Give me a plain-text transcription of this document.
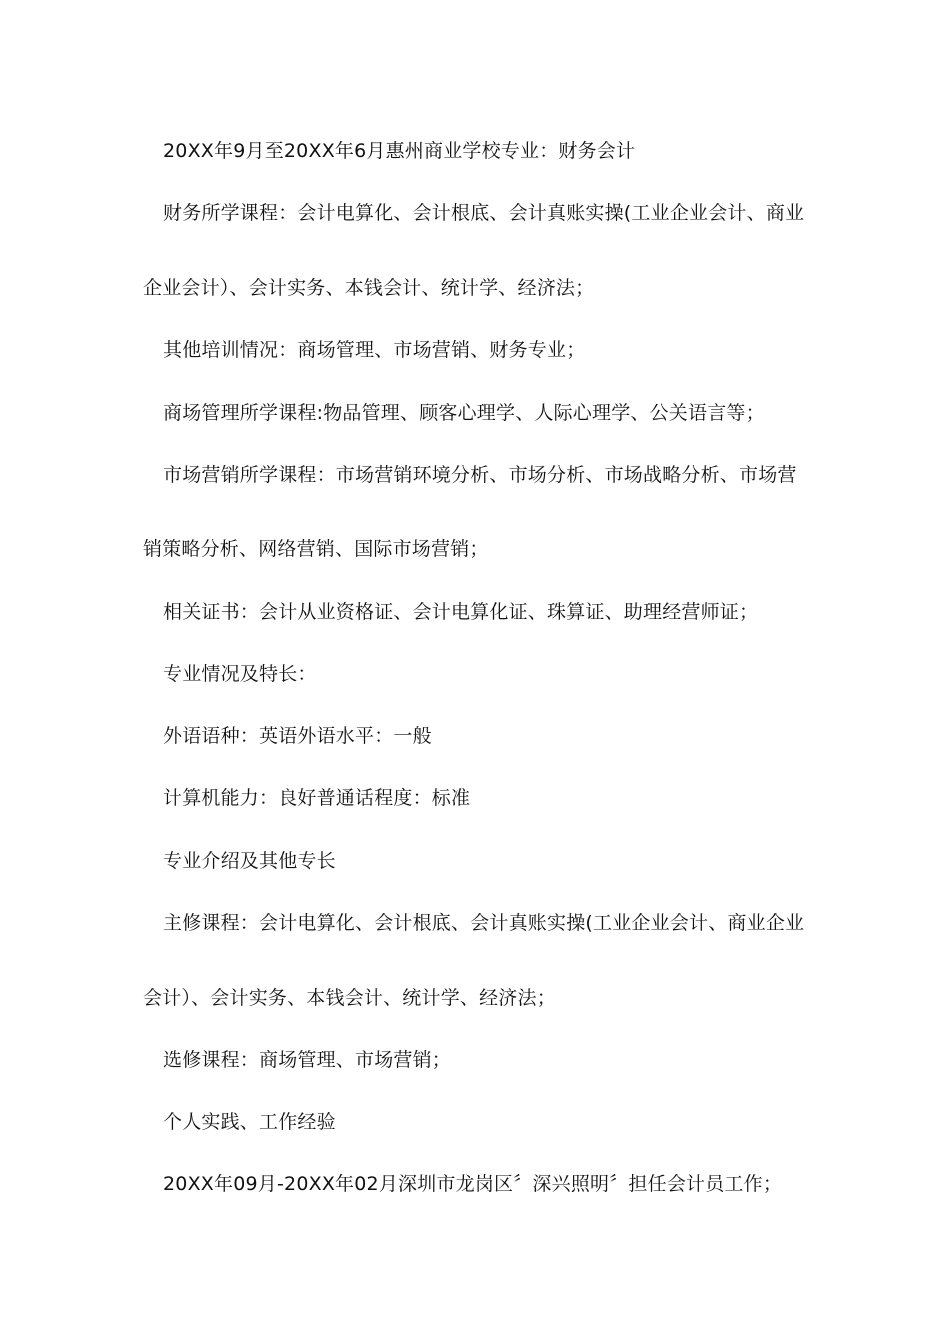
20XX年9月至20XX年6月惠州商业学校专业：财务会计
财务所学课程：会计电算化、会计根底、会计真账实操(工业企业会计、商业
企业会计）、会计实务、本钱会计、统计学、经济法；
其他培训情况：商场管理、市场营销、财务专业；
商场管理所学课程:物品管理、顾客心理学、人际心理学、公关语言等；
市场营销所学课程：市场营销环境分析、市场分析、市场战略分析、市场营
销策略分析、网络营销、国际市场营销；
相关证书：会计从业资格证、会计电算化证、珠算证、助理经营师证；
专业情况及特长：
外语语种：英语外语水平：一般
计算机能力：良好普通话程度：标准
专业介绍及其他专长
主修课程：会计电算化、会计根底、会计真账实操(工业企业会计、商业企业
会计）、会计实务、本钱会计、统计学、经济法；
选修课程：商场管理、市场营销；
个人实践、工作经验
20XX年09月-20XX年02月深圳市龙岗区〞深兴照明〞担任会计员工作；
